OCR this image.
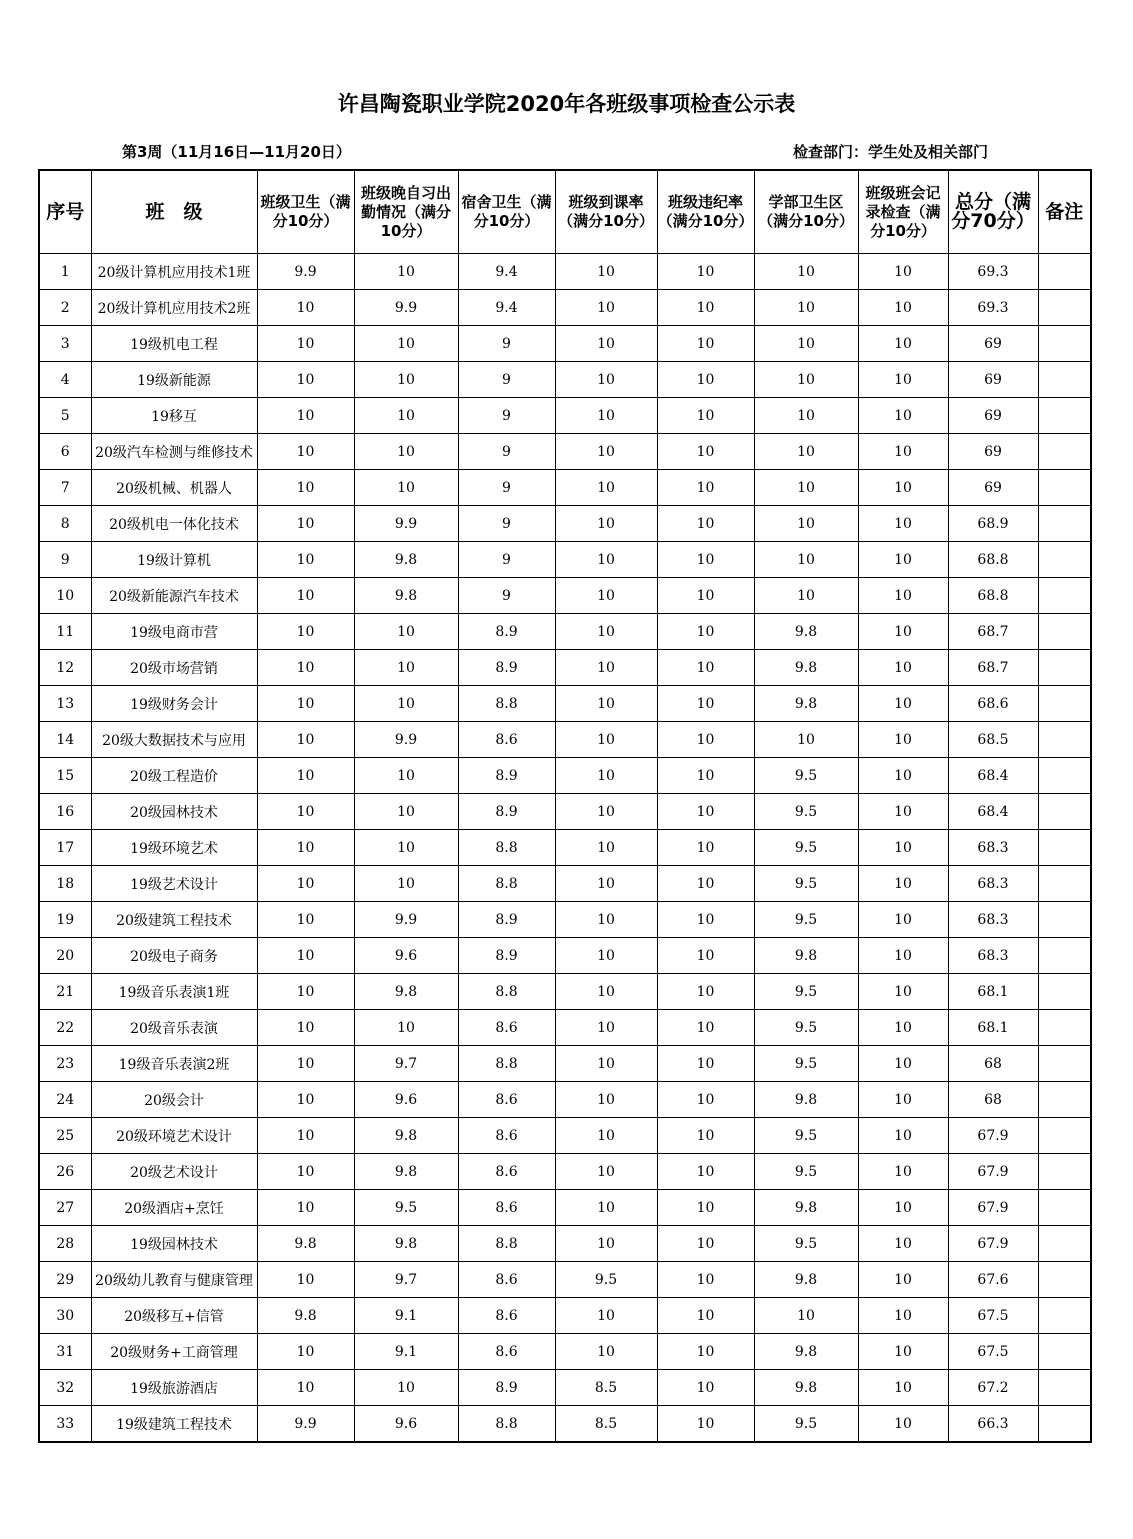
许昌陶瓷职业学院2020年各班级事项检查公示表
第3周（11月16日—11月20日）	检查部门：学生处及相关部门
序号	班　级	班级卫生（满分10分）	班级晚自习出勤情况（满分10分）	宿舍卫生（满分10分）	班级到课率（满分10分）	班级违纪率（满分10分）	学部卫生区（满分10分）	班级班会记录检查（满分10分）	总分（满分70分）	备注
1	20级计算机应用技术1班	9.9	10	9.4	10	10	10	10	69.3	
2	20级计算机应用技术2班	10	9.9	9.4	10	10	10	10	69.3	
3	19级机电工程	10	10	9	10	10	10	10	69	
4	19级新能源	10	10	9	10	10	10	10	69	
5	19移互	10	10	9	10	10	10	10	69	
6	20级汽车检测与维修技术	10	10	9	10	10	10	10	69	
7	20级机械、机器人	10	10	9	10	10	10	10	69	
8	20级机电一体化技术	10	9.9	9	10	10	10	10	68.9	
9	19级计算机	10	9.8	9	10	10	10	10	68.8	
10	20级新能源汽车技术	10	9.8	9	10	10	10	10	68.8	
11	19级电商市营	10	10	8.9	10	10	9.8	10	68.7	
12	20级市场营销	10	10	8.9	10	10	9.8	10	68.7	
13	19级财务会计	10	10	8.8	10	10	9.8	10	68.6	
14	20级大数据技术与应用	10	9.9	8.6	10	10	10	10	68.5	
15	20级工程造价	10	10	8.9	10	10	9.5	10	68.4	
16	20级园林技术	10	10	8.9	10	10	9.5	10	68.4	
17	19级环境艺术	10	10	8.8	10	10	9.5	10	68.3	
18	19级艺术设计	10	10	8.8	10	10	9.5	10	68.3	
19	20级建筑工程技术	10	9.9	8.9	10	10	9.5	10	68.3	
20	20级电子商务	10	9.6	8.9	10	10	9.8	10	68.3	
21	19级音乐表演1班	10	9.8	8.8	10	10	9.5	10	68.1	
22	20级音乐表演	10	10	8.6	10	10	9.5	10	68.1	
23	19级音乐表演2班	10	9.7	8.8	10	10	9.5	10	68	
24	20级会计	10	9.6	8.6	10	10	9.8	10	68	
25	20级环境艺术设计	10	9.8	8.6	10	10	9.5	10	67.9	
26	20级艺术设计	10	9.8	8.6	10	10	9.5	10	67.9	
27	20级酒店+烹饪	10	9.5	8.6	10	10	9.8	10	67.9	
28	19级园林技术	9.8	9.8	8.8	10	10	9.5	10	67.9	
29	20级幼儿教育与健康管理	10	9.7	8.6	9.5	10	9.8	10	67.6	
30	20级移互+信管	9.8	9.1	8.6	10	10	10	10	67.5	
31	20级财务+工商管理	10	9.1	8.6	10	10	9.8	10	67.5	
32	19级旅游酒店	10	10	8.9	8.5	10	9.8	10	67.2	
33	19级建筑工程技术	9.9	9.6	8.8	8.5	10	9.5	10	66.3	
